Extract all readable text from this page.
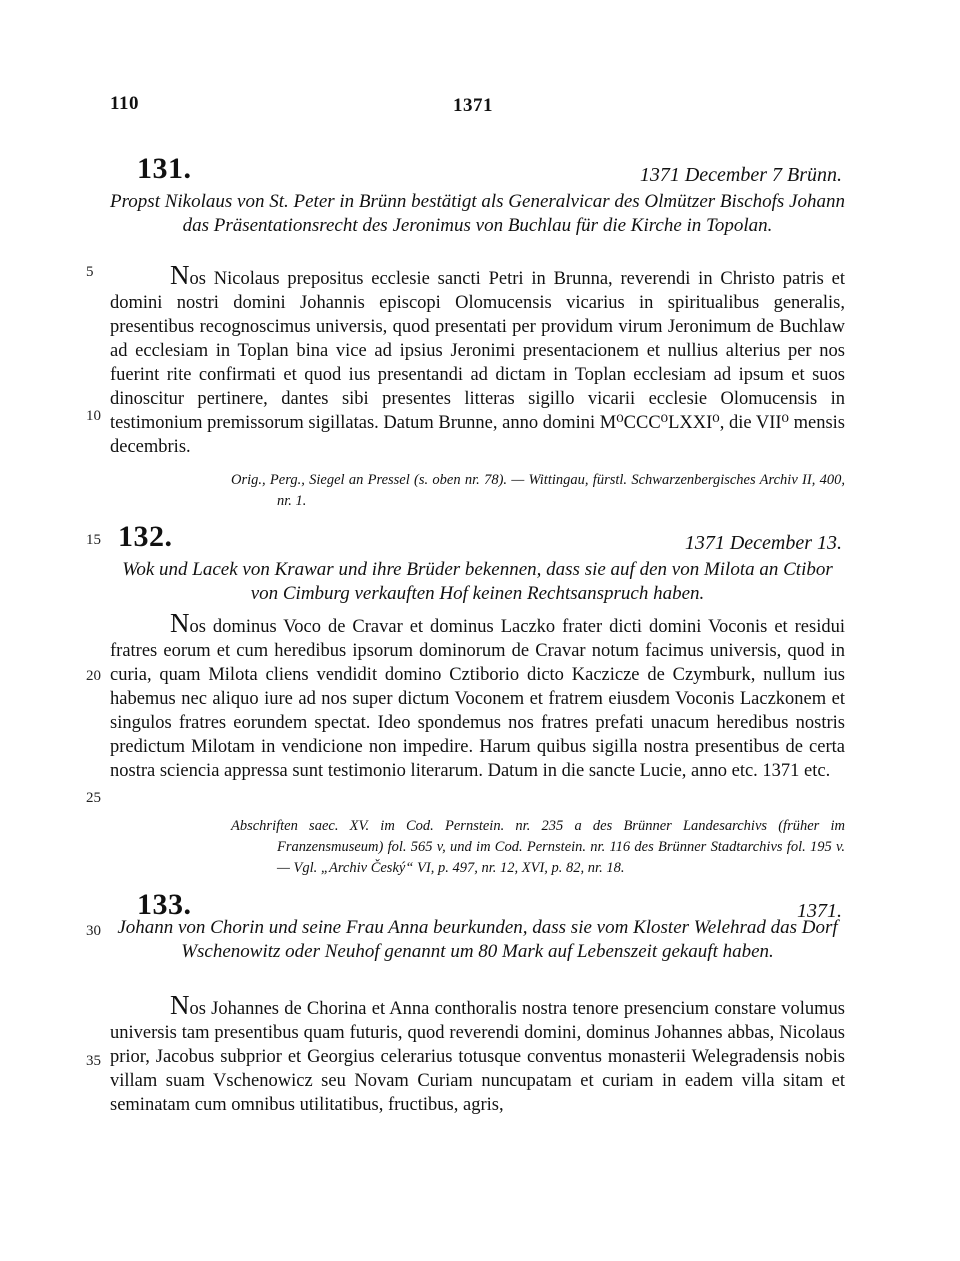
110	1371
5
10
15
20
25
30
35
131.	1371 December 7 Brünn.
Propst Nikolaus von St. Peter in Brünn bestätigt als Generalvicar des Olmützer Bischofs Johann das Präsentationsrecht des Jeronimus von Buchlau für die Kirche in Topolan.
Nos Nicolaus prepositus ecclesie sancti Petri in Brunna, reverendi in Christo patris et domini nostri domini Johannis episcopi Olomucensis vicarius in spiritualibus generalis, presentibus recognoscimus universis, quod presentati per providum virum Jeronimum de Buchlaw ad ecclesiam in Toplan bina vice ad ipsius Jeronimi presentacionem et nullius alterius per nos fuerint rite confirmati et quod ius presentandi ad dictam in Toplan ecclesiam ad ipsum et suos dinoscitur pertinere, dantes sibi presentes litteras sigillo vicarii ecclesie Olomucensis in testimonium premissorum sigillatas. Datum Brunne, anno domini M⁰CCC⁰LXXI⁰, die VII⁰ mensis decembris.
Orig., Perg., Siegel an Pressel (s. oben nr. 78). — Wittingau, fürstl. Schwarzenbergisches Archiv II, 400, nr. 1.
132.	1371 December 13.
Wok und Lacek von Krawar und ihre Brüder bekennen, dass sie auf den von Milota an Ctibor von Cimburg verkauften Hof keinen Rechtsanspruch haben.
Nos dominus Voco de Cravar et dominus Laczko frater dicti domini Voconis et residui fratres eorum et cum heredibus ipsorum dominorum de Cravar notum facimus universis, quod in curia, quam Milota cliens vendidit domino Cztiborio dicto Kaczicze de Czymburk, nullum ius habemus nec aliquo iure ad nos super dictum Voconem et fratrem eiusdem Voconis Laczkonem et singulos fratres eorundem spectat. Ideo spondemus nos fratres prefati unacum heredibus nostris predictum Milotam in vendicione non impedire. Harum quibus sigilla nostra presentibus de certa nostra sciencia appressa sunt testimonio literarum. Datum in die sancte Lucie, anno etc. 1371 etc.
Abschriften saec. XV. im Cod. Pernstein. nr. 235 a des Brünner Landesarchivs (früher im Franzensmuseum) fol. 565 v, und im Cod. Pernstein. nr. 116 des Brünner Stadtarchivs fol. 195 v. — Vgl. „Archiv Český“ VI, p. 497, nr. 12, XVI, p. 82, nr. 18.
133.	1371.
Johann von Chorin und seine Frau Anna beurkunden, dass sie vom Kloster Welehrad das Dorf Wschenowitz oder Neuhof genannt um 80 Mark auf Lebenszeit gekauft haben.
Nos Johannes de Chorina et Anna conthoralis nostra tenore presencium constare volumus universis tam presentibus quam futuris, quod reverendi domini, dominus Johannes abbas, Nicolaus prior, Jacobus subprior et Georgius celerarius totusque conventus monasterii Welegradensis nobis villam suam Vschenowicz seu Novam Curiam nuncupatam et curiam in eadem villa sitam et seminatam cum omnibus utilitatibus, fructibus, agris,
